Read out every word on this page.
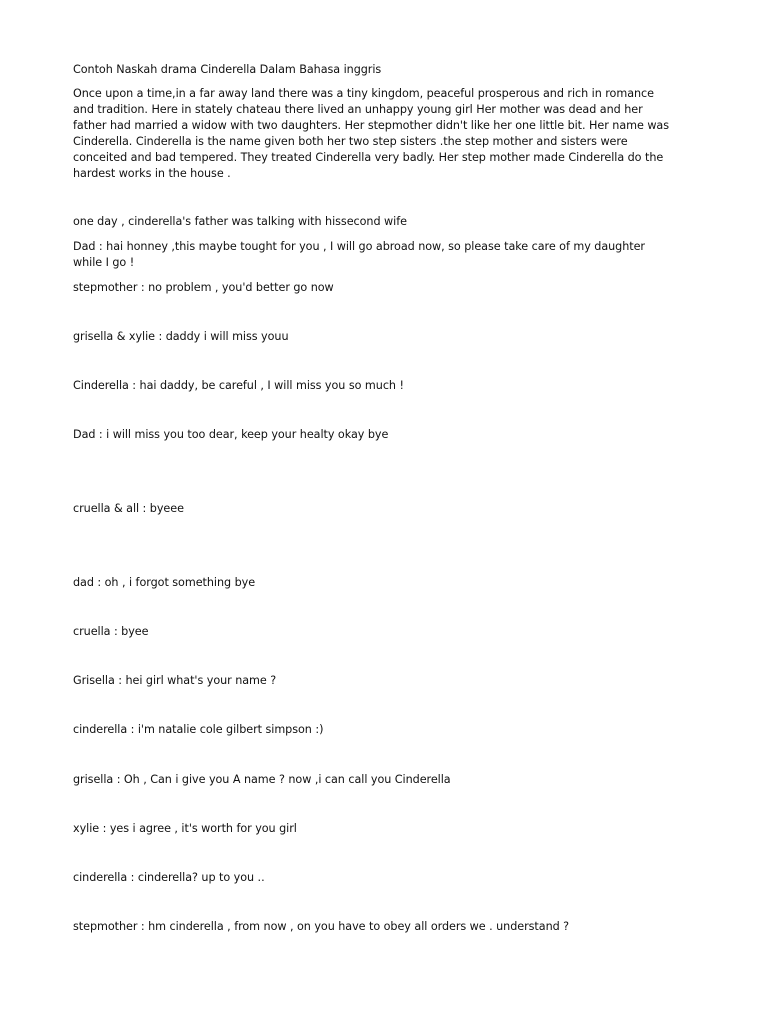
Contoh Naskah drama Cinderella Dalam Bahasa inggris
Once upon a time,in a far away land there was a tiny kingdom, peaceful prosperous and rich in romance
and tradition. Here in stately chateau there lived an unhappy young girl Her mother was dead and her
father had married a widow with two daughters. Her stepmother didn't like her one little bit. Her name was
Cinderella. Cinderella is the name given both her two step sisters .the step mother and sisters were
conceited and bad tempered. They treated Cinderella very badly. Her step mother made Cinderella do the
hardest works in the house .
one day , cinderella's father was talking with hissecond wife
Dad : hai honney ,this maybe tought for you , I will go abroad now, so please take care of my daughter
while I go !
stepmother : no problem , you'd better go now
grisella & xylie : daddy i will miss youu
Cinderella : hai daddy, be careful , I will miss you so much !
Dad : i will miss you too dear, keep your healty okay bye
cruella & all : byeee
dad : oh , i forgot something bye
cruella : byee
Grisella : hei girl what's your name ?
cinderella : i'm natalie cole gilbert simpson :)
grisella : Oh , Can i give you A name ? now ,i can call you Cinderella
xylie : yes i agree , it's worth for you girl
cinderella : cinderella? up to you ..
stepmother : hm cinderella , from now , on you have to obey all orders we . understand ?
